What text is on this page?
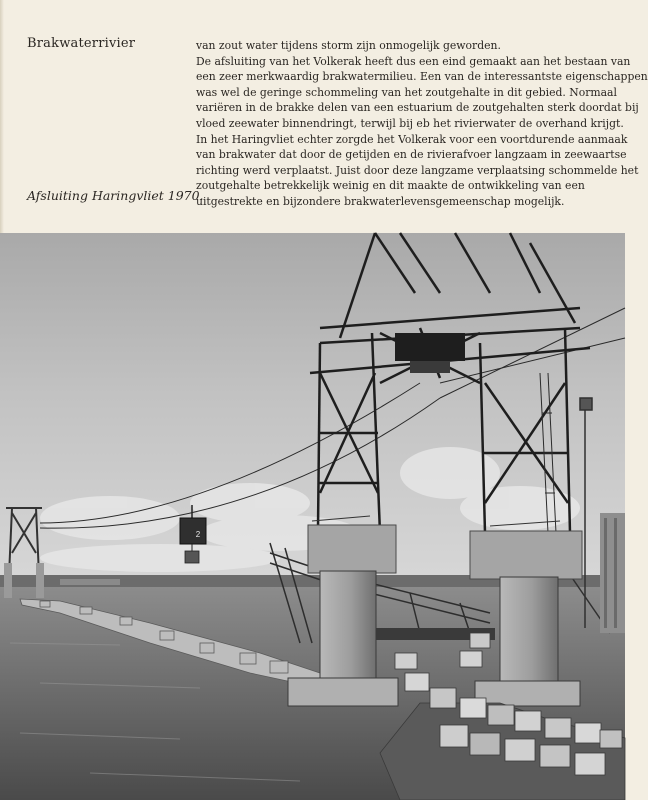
Brakwaterrivier
Afsluiting Haringvliet 1970.

van zout water tijdens storm zijn onmogelijk geworden.

De afsluiting van het Volkerak heeft dus een eind gemaakt aan het bestaan van

een zeer merkwaardig brakwatermilieu. Een van de interessantste eigenschappen

was wel de geringe schommeling van het zoutgehalte in dit gebied. Normaal

variëren in de brakke delen van een estuarium de zoutgehalten sterk doordat bij

vloed zeewater binnendringt, terwijl bij eb het rivierwater de overhand krijgt.

In het Haringvliet echter zorgde het Volkerak voor een voortdurende aanmaak

van brakwater dat door de getijden en de rivierafvoer langzaam in zeewaartse

richting werd verplaatst. Juist door deze langzame verplaatsing schommelde het

zoutgehalte betrekkelijk weinig en dit maakte de ontwikkeling van een

uitgestrekte en bijzondere brakwaterlevensgemeenschap mogelijk.

2
